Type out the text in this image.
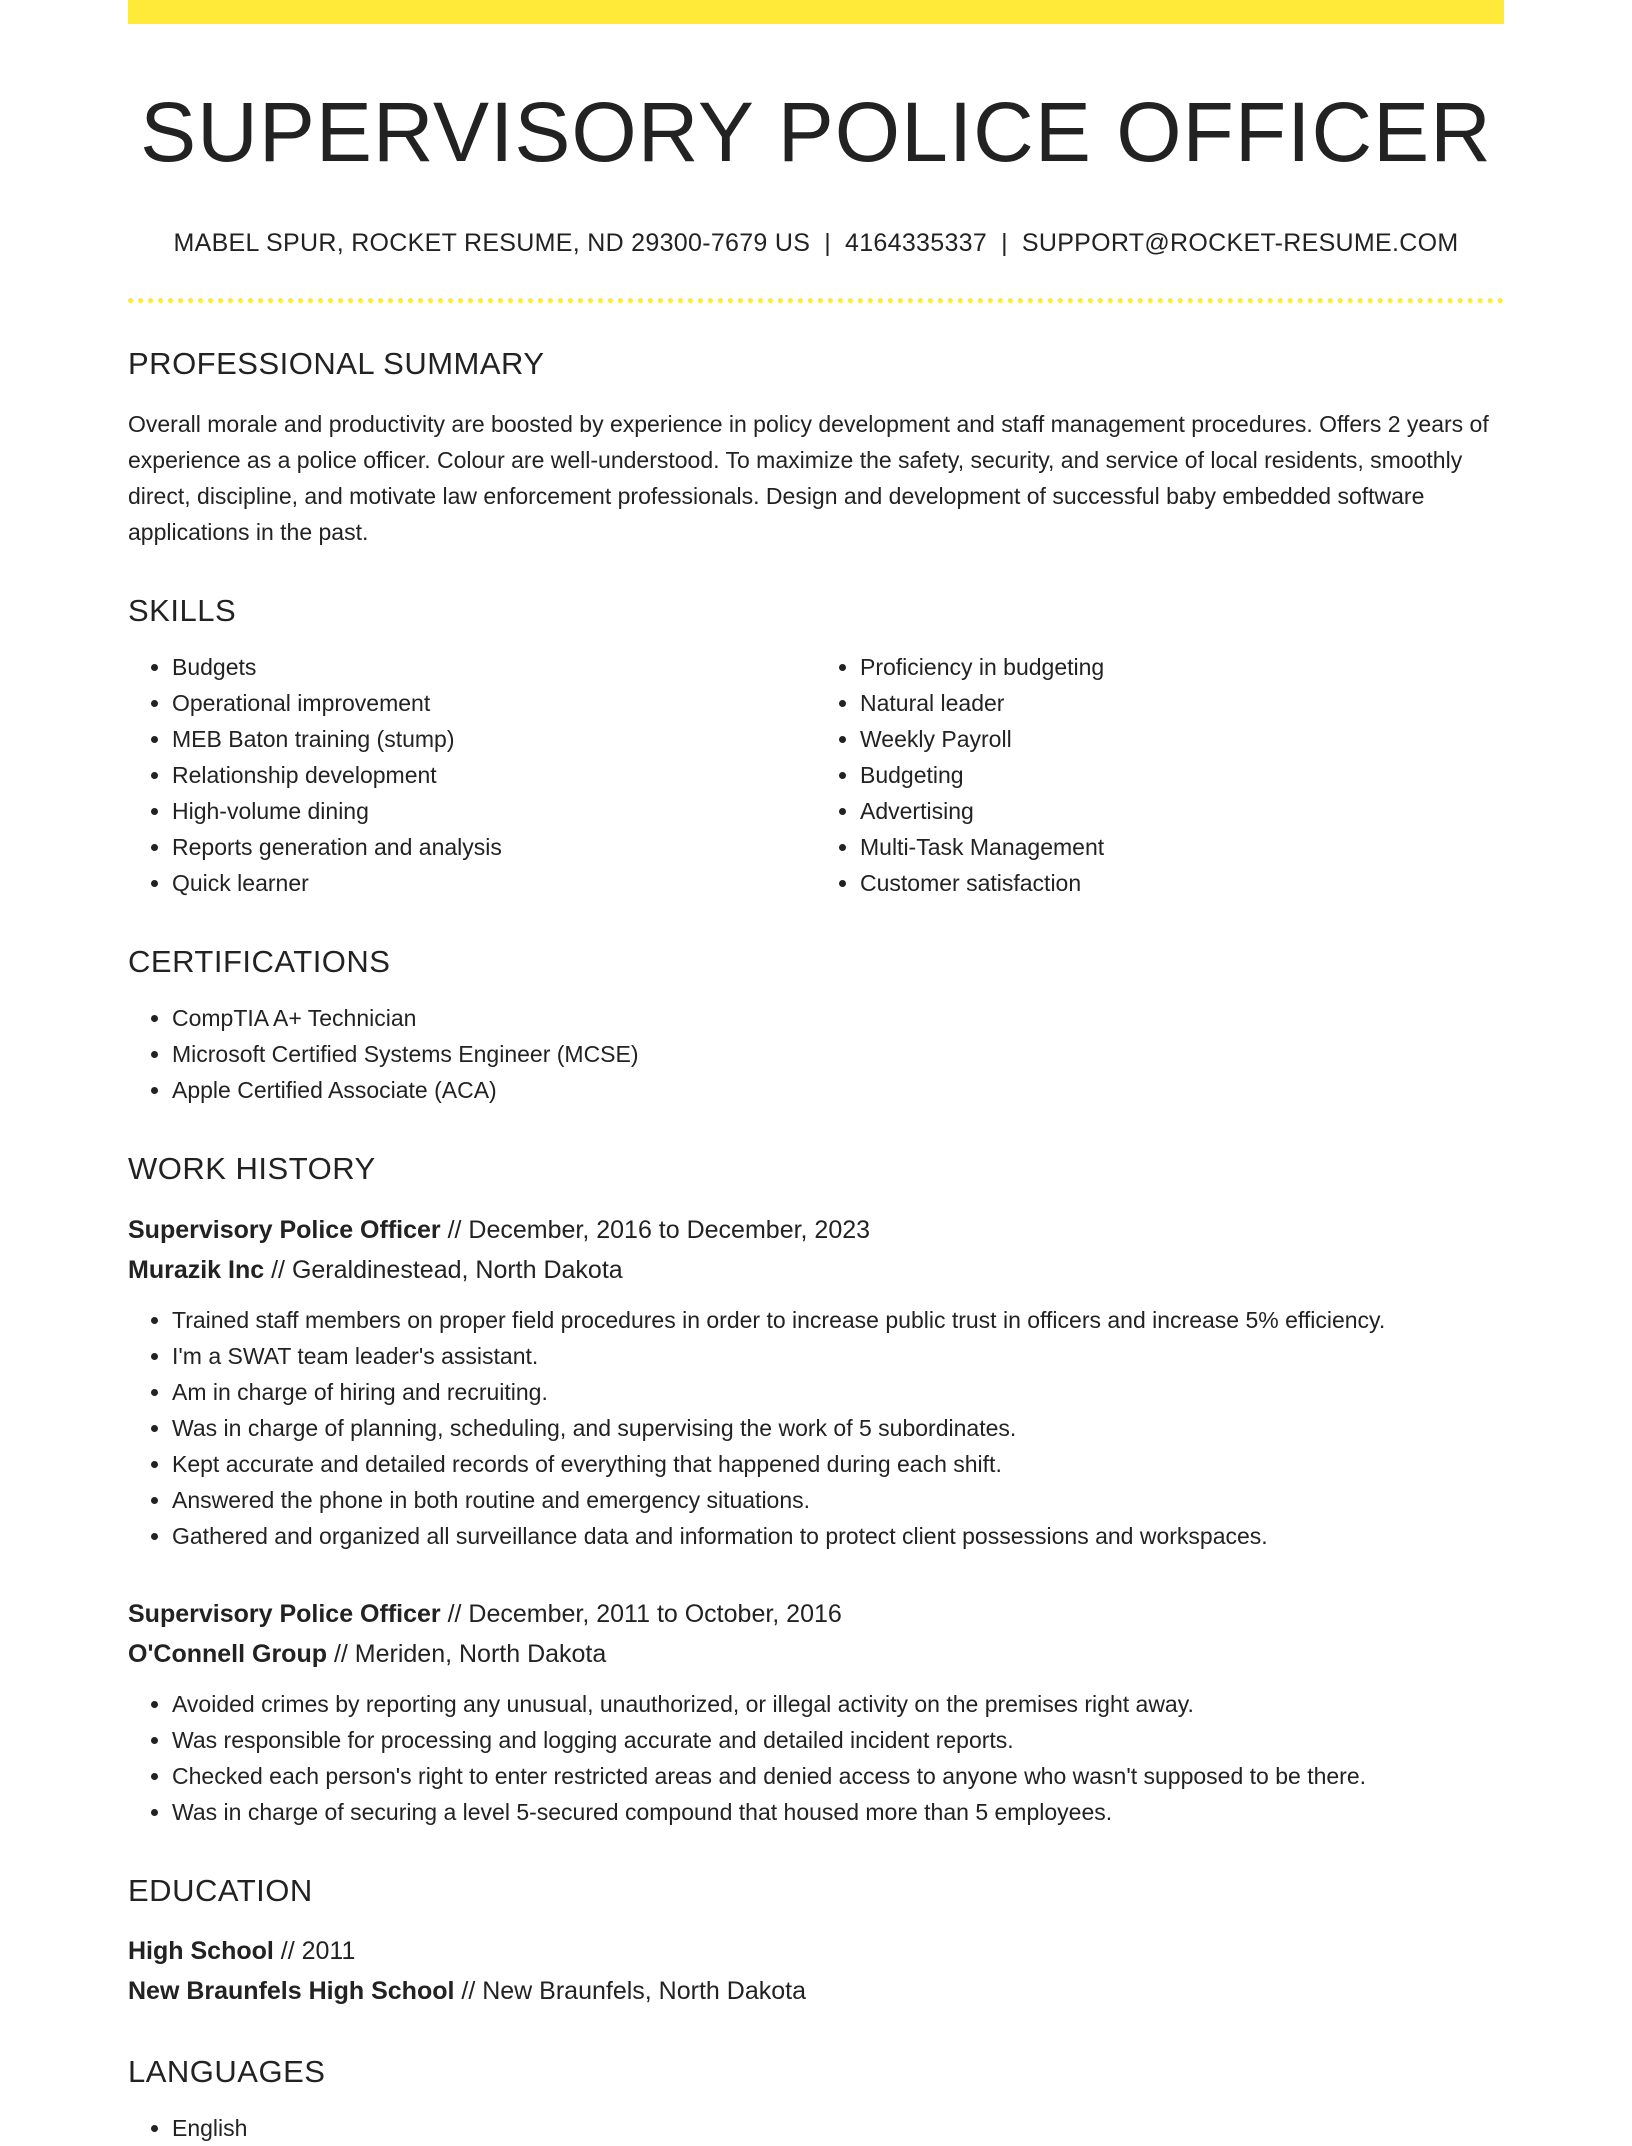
SUPERVISORY POLICE OFFICER
MABEL SPUR, ROCKET RESUME, ND 29300-7679 US | 4164335337 | SUPPORT@ROCKET-RESUME.COM
PROFESSIONAL SUMMARY
Overall morale and productivity are boosted by experience in policy development and staff management procedures. Offers 2 years of experience as a police officer. Colour are well-understood. To maximize the safety, security, and service of local residents, smoothly direct, discipline, and motivate law enforcement professionals. Design and development of successful baby embedded software applications in the past.
SKILLS
• Budgets
• Operational improvement
• MEB Baton training (stump)
• Relationship development
• High-volume dining
• Reports generation and analysis
• Quick learner
• Proficiency in budgeting
• Natural leader
• Weekly Payroll
• Budgeting
• Advertising
• Multi-Task Management
• Customer satisfaction
CERTIFICATIONS
• CompTIA A+ Technician
• Microsoft Certified Systems Engineer (MCSE)
• Apple Certified Associate (ACA)
WORK HISTORY
Supervisory Police Officer // December, 2016 to December, 2023
Murazik Inc // Geraldinestead, North Dakota
• Trained staff members on proper field procedures in order to increase public trust in officers and increase 5% efficiency.
• I'm a SWAT team leader's assistant.
• Am in charge of hiring and recruiting.
• Was in charge of planning, scheduling, and supervising the work of 5 subordinates.
• Kept accurate and detailed records of everything that happened during each shift.
• Answered the phone in both routine and emergency situations.
• Gathered and organized all surveillance data and information to protect client possessions and workspaces.
Supervisory Police Officer // December, 2011 to October, 2016
O'Connell Group // Meriden, North Dakota
• Avoided crimes by reporting any unusual, unauthorized, or illegal activity on the premises right away.
• Was responsible for processing and logging accurate and detailed incident reports.
• Checked each person's right to enter restricted areas and denied access to anyone who wasn't supposed to be there.
• Was in charge of securing a level 5-secured compound that housed more than 5 employees.
EDUCATION
High School // 2011
New Braunfels High School // New Braunfels, North Dakota
LANGUAGES
• English
